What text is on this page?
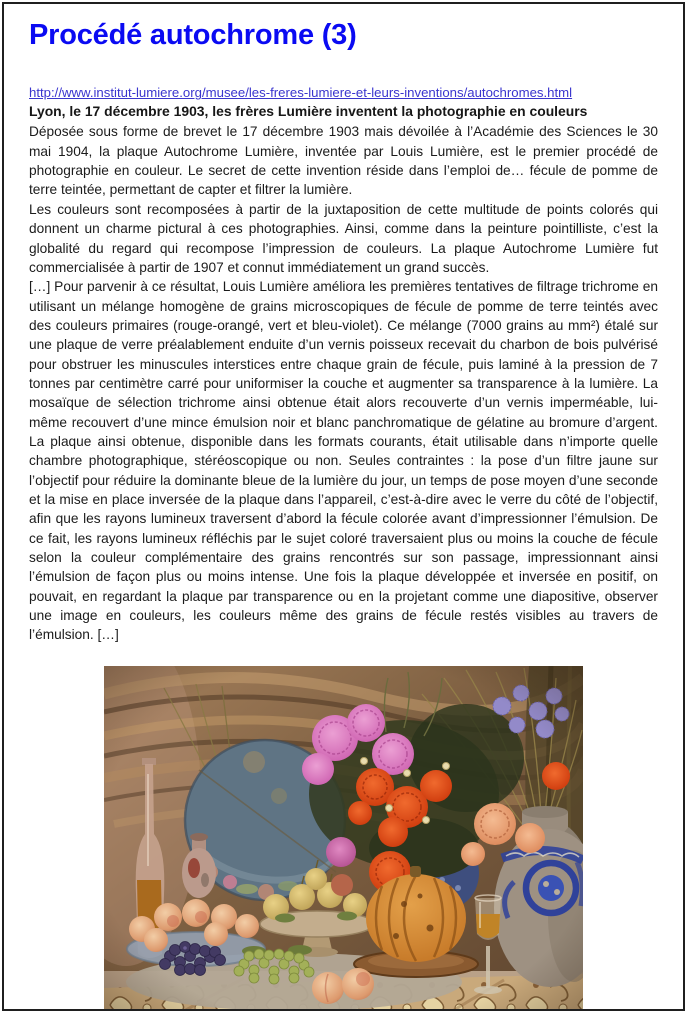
Procédé autochrome (3)
http://www.institut-lumiere.org/musee/les-freres-lumiere-et-leurs-inventions/autochromes.html

Lyon, le 17 décembre 1903, les frères Lumière inventent la photographie en couleurs

Déposée sous forme de brevet le 17 décembre 1903 mais dévoilée à l’Académie des Sciences le 30 mai 1904, la plaque Autochrome Lumière, inventée par Louis Lumière, est le premier procédé de photographie en couleur. Le secret de cette invention réside dans l’emploi de… fécule de pomme de terre teintée, permettant de capter et filtrer la lumière.

Les couleurs sont recomposées à partir de la juxtaposition de cette multitude de points colorés qui donnent un charme pictural à ces photographies. Ainsi, comme dans la peinture pointilliste, c’est la globalité du regard qui recompose l’impression de couleurs. La plaque Autochrome Lumière fut commercialisée à partir de 1907 et connut immédiatement un grand succès.

[…] Pour parvenir à ce résultat, Louis Lumière améliora les premières tentatives de filtrage trichrome en utilisant un mélange homogène de grains microscopiques de fécule de pomme de terre teintés avec des couleurs primaires (rouge-orangé, vert et bleu-violet). Ce mélange (7000 grains au mm²) étalé sur une plaque de verre préalablement enduite d’un vernis poisseux recevait du charbon de bois pulvérisé pour obstruer les minuscules interstices entre chaque grain de fécule, puis laminé à la pression de 7 tonnes par centimètre carré pour uniformiser la couche et augmenter sa transparence à la lumière. La mosaïque de sélection trichrome ainsi obtenue était alors recouverte d’un vernis imperméable, lui-même recouvert d’une mince émulsion noir et blanc panchromatique de gélatine au bromure d’argent. La plaque ainsi obtenue, disponible dans les formats courants, était utilisable dans n’importe quelle chambre photographique, stéréoscopique ou non. Seules contraintes : la pose d’un filtre jaune sur l’objectif pour réduire la dominante bleue de la lumière du jour, un temps de pose moyen d’une seconde et la mise en place inversée de la plaque dans l’appareil, c’est-à-dire avec le verre du côté de l’objectif, afin que les rayons lumineux traversent d’abord la fécule colorée avant d’impressionner l’émulsion. De ce fait, les rayons lumineux réfléchis par le sujet coloré traversaient plus ou moins la couche de fécule selon la couleur complémentaire des grains rencontrés sur son passage, impressionnant ainsi l’émulsion de façon plus ou moins intense. Une fois la plaque développée et inversée en positif, on pouvait, en regardant la plaque par transparence ou en la projetant comme une diapositive, observer une image en couleurs, les couleurs même des grains de fécule restés visibles au travers de l’émulsion. […]
